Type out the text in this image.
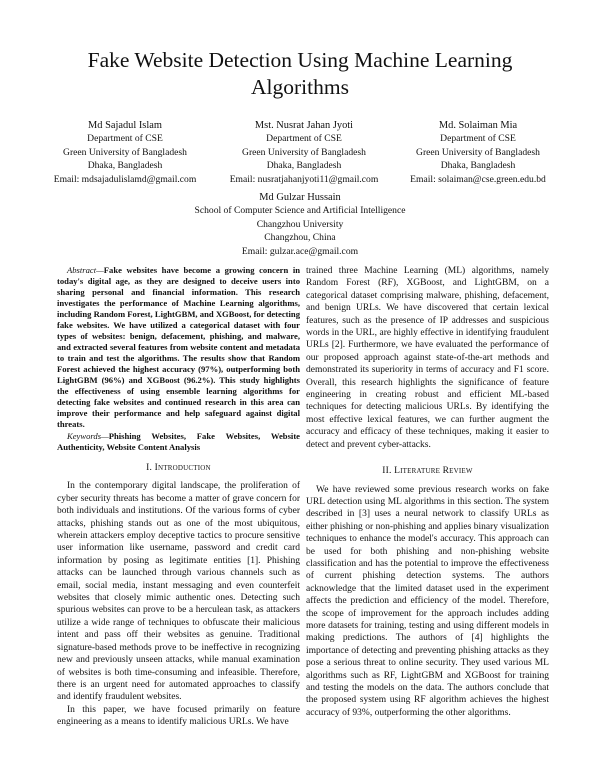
Fake Website Detection Using Machine Learning Algorithms
Md Sajadul Islam
Department of CSE
Green University of Bangladesh
Dhaka, Bangladesh
Email: mdsajadulislamd@gmail.com
Mst. Nusrat Jahan Jyoti
Department of CSE
Green University of Bangladesh
Dhaka, Bangladesh
Email: nusratjahanjyoti11@gmail.com
Md. Solaiman Mia
Department of CSE
Green University of Bangladesh
Dhaka, Bangladesh
Email: solaiman@cse.green.edu.bd
Md Gulzar Hussain
School of Computer Science and Artificial Intelligence
Changzhou University
Changzhou, China
Email: gulzar.ace@gmail.com
Abstract—Fake websites have become a growing concern in today's digital age, as they are designed to deceive users into sharing personal and financial information. This research investigates the performance of Machine Learning algorithms, including Random Forest, LightGBM, and XGBoost, for detecting fake websites. We have utilized a categorical dataset with four types of websites: benign, defacement, phishing, and malware, and extracted several features from website content and metadata to train and test the algorithms. The results show that Random Forest achieved the highest accuracy (97%), outperforming both LightGBM (96%) and XGBoost (96.2%). This study highlights the effectiveness of using ensemble learning algorithms for detecting fake websites and continued research in this area can improve their performance and help safeguard against digital threats.
Keywords—Phishing Websites, Fake Websites, Website Authenticity, Website Content Analysis
I. Introduction

In the contemporary digital landscape, the proliferation of cyber security threats has become a matter of grave concern for both individuals and institutions. Of the various forms of cyber attacks, phishing stands out as one of the most ubiquitous, wherein attackers employ deceptive tactics to procure sensitive user information like username, password and credit card information by posing as legitimate entities [1]. Phishing attacks can be launched through various channels such as email, social media, instant messaging and even counterfeit websites that closely mimic authentic ones. Detecting such spurious websites can prove to be a herculean task, as attackers utilize a wide range of techniques to obfuscate their malicious intent and pass off their websites as genuine. Traditional signature-based methods prove to be ineffective in recognizing new and previously unseen attacks, while manual examination of websites is both time-consuming and infeasible. Therefore, there is an urgent need for automated approaches to classify and identify fraudulent websites.

In this paper, we have focused primarily on feature engineering as a means to identify malicious URLs. We have

trained three Machine Learning (ML) algorithms, namely Random Forest (RF), XGBoost, and LightGBM, on a categorical dataset comprising malware, phishing, defacement, and benign URLs. We have discovered that certain lexical features, such as the presence of IP addresses and suspicious words in the URL, are highly effective in identifying fraudulent URLs [2]. Furthermore, we have evaluated the performance of our proposed approach against state-of-the-art methods and demonstrated its superiority in terms of accuracy and F1 score. Overall, this research highlights the significance of feature engineering in creating robust and efficient ML-based techniques for detecting malicious URLs. By identifying the most effective lexical features, we can further augment the accuracy and efficacy of these techniques, making it easier to detect and prevent cyber-attacks.

II. Literature Review

We have reviewed some previous research works on fake URL detection using ML algorithms in this section. The system described in [3] uses a neural network to classify URLs as either phishing or non-phishing and applies binary visualization techniques to enhance the model's accuracy. This approach can be used for both phishing and non-phishing website classification and has the potential to improve the effectiveness of current phishing detection systems. The authors acknowledge that the limited dataset used in the experiment affects the prediction and efficiency of the model. Therefore, the scope of improvement for the approach includes adding more datasets for training, testing and using different models in making predictions. The authors of [4] highlights the importance of detecting and preventing phishing attacks as they pose a serious threat to online security. They used various ML algorithms such as RF, LightGBM and XGBoost for training and testing the models on the data. The authors conclude that the proposed system using RF algorithm achieves the highest accuracy of 93%, outperforming the other algorithms.
